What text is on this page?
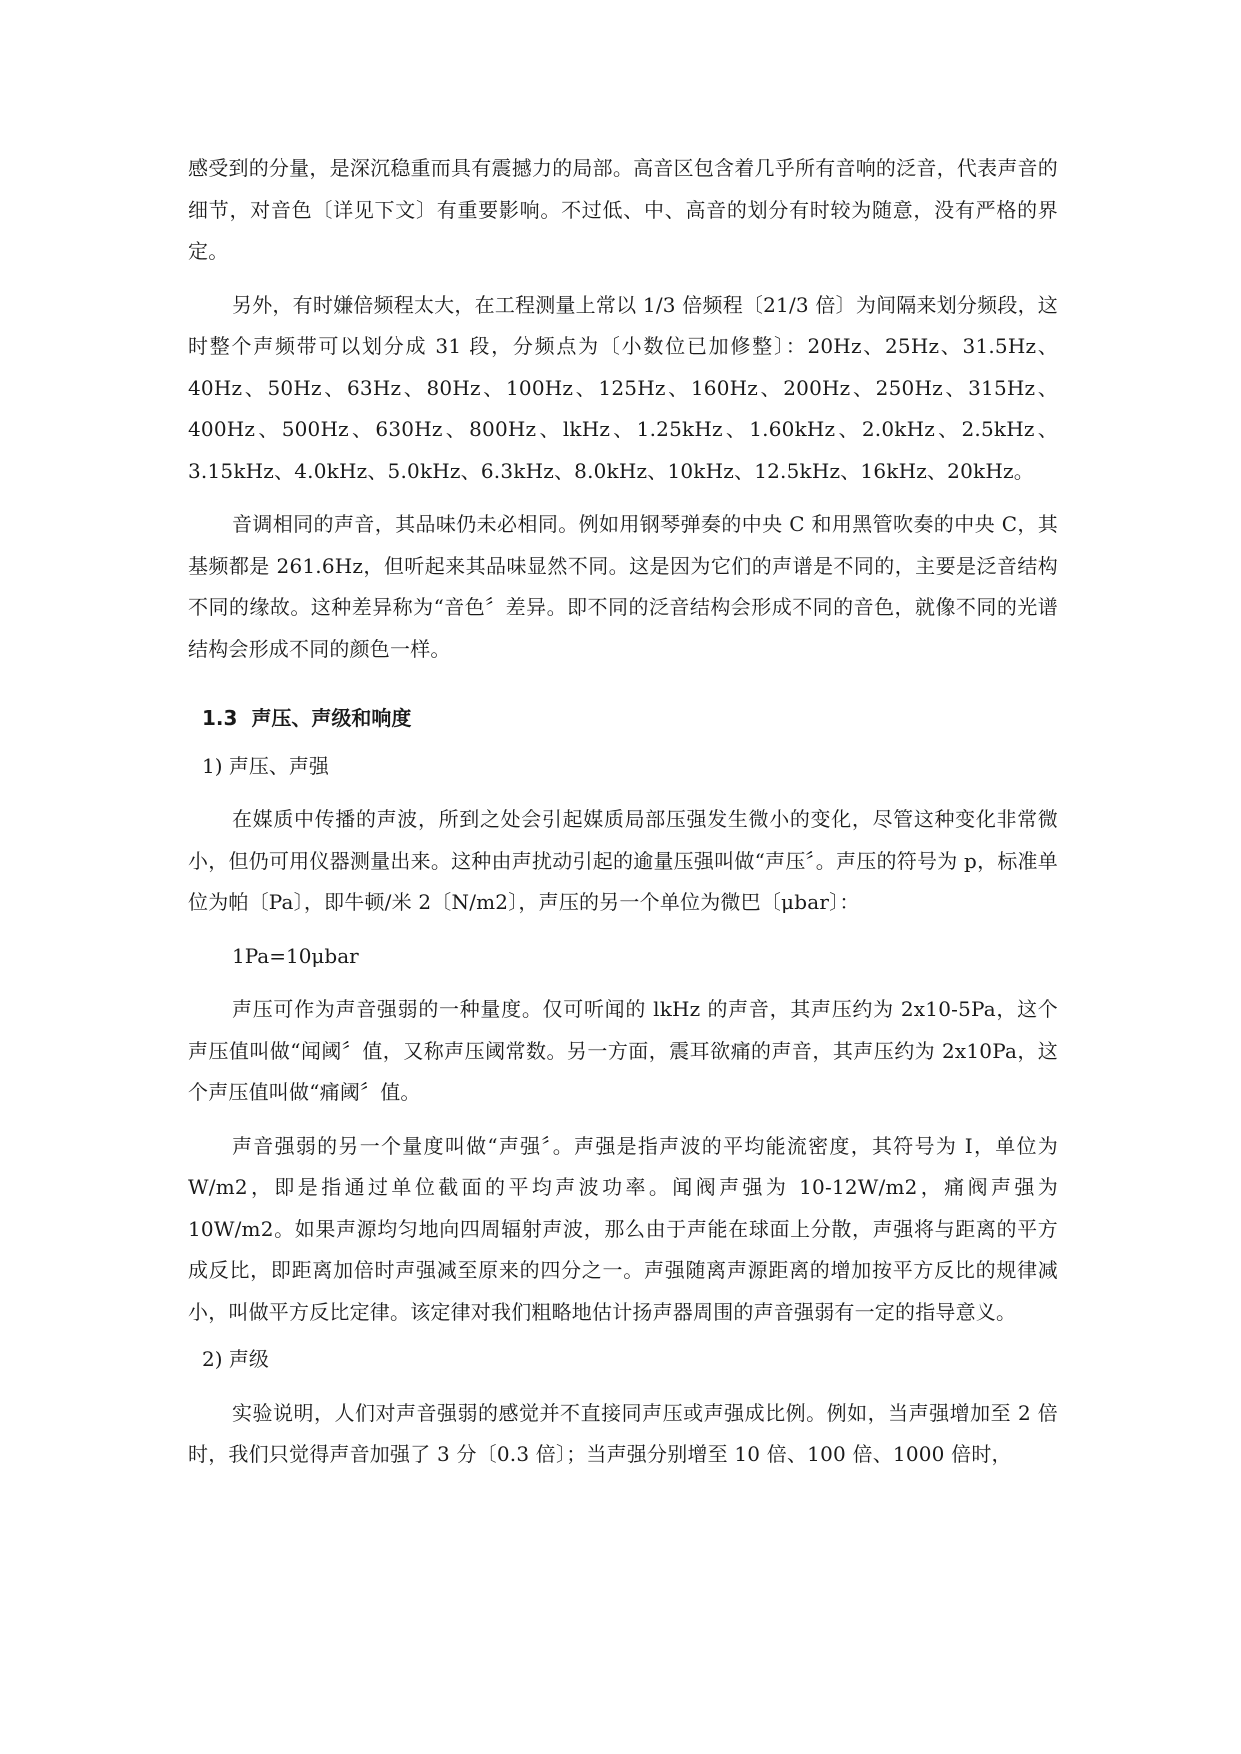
感受到的分量，是深沉稳重而具有震撼力的局部。高音区包含着几乎所有音响的泛音，代表声音的细节，对音色〔详见下文〕有重要影响。不过低、中、高音的划分有时较为随意，没有严格的界定。

另外，有时嫌倍频程太大，在工程测量上常以 1/3 倍频程〔21/3 倍〕为间隔来划分频段，这时整个声频带可以划分成 31 段，分频点为〔小数位已加修整〕：20Hz、25Hz、31.5Hz、40Hz、50Hz、63Hz、80Hz、100Hz、125Hz、160Hz、200Hz、250Hz、315Hz、400Hz、500Hz、630Hz、800Hz、lkHz、1.25kHz、1.60kHz、2.0kHz、2.5kHz、3.15kHz、4.0kHz、5.0kHz、6.3kHz、8.0kHz、10kHz、12.5kHz、16kHz、20kHz。

音调相同的声音，其品味仍未必相同。例如用钢琴弹奏的中央 C 和用黑管吹奏的中央 C，其基频都是 261.6Hz，但听起来其品味显然不同。这是因为它们的声谱是不同的，主要是泛音结构不同的缘故。这种差异称为“音色〞差异。即不同的泛音结构会形成不同的音色，就像不同的光谱结构会形成不同的颜色一样。

1.3 声压、声级和响度
1) 声压、声强

在媒质中传播的声波，所到之处会引起媒质局部压强发生微小的变化，尽管这种变化非常微小，但仍可用仪器测量出来。这种由声扰动引起的逾量压强叫做“声压〞。声压的符号为 p，标准单位为帕〔Pa〕，即牛顿/米 2〔N/m2〕，声压的另一个单位为微巴〔μbar〕：

1Pa=10μbar

声压可作为声音强弱的一种量度。仅可听闻的 lkHz 的声音，其声压约为 2x10-5Pa，这个声压值叫做“闻阈〞值，又称声压阈常数。另一方面，震耳欲痛的声音，其声压约为 2x10Pa，这个声压值叫做“痛阈〞值。

声音强弱的另一个量度叫做“声强〞。声强是指声波的平均能流密度，其符号为 I，单位为 W/m2，即是指通过单位截面的平均声波功率。闻阀声强为 10-12W/m2，痛阀声强为 10W/m2。如果声源均匀地向四周辐射声波，那么由于声能在球面上分散，声强将与距离的平方成反比，即距离加倍时声强减至原来的四分之一。声强随离声源距离的增加按平方反比的规律减小，叫做平方反比定律。该定律对我们粗略地估计扬声器周围的声音强弱有一定的指导意义。

2) 声级

实验说明，人们对声音强弱的感觉并不直接同声压或声强成比例。例如，当声强增加至 2 倍时，我们只觉得声音加强了 3 分〔0.3 倍〕；当声强分别增至 10 倍、100 倍、1000 倍时，
